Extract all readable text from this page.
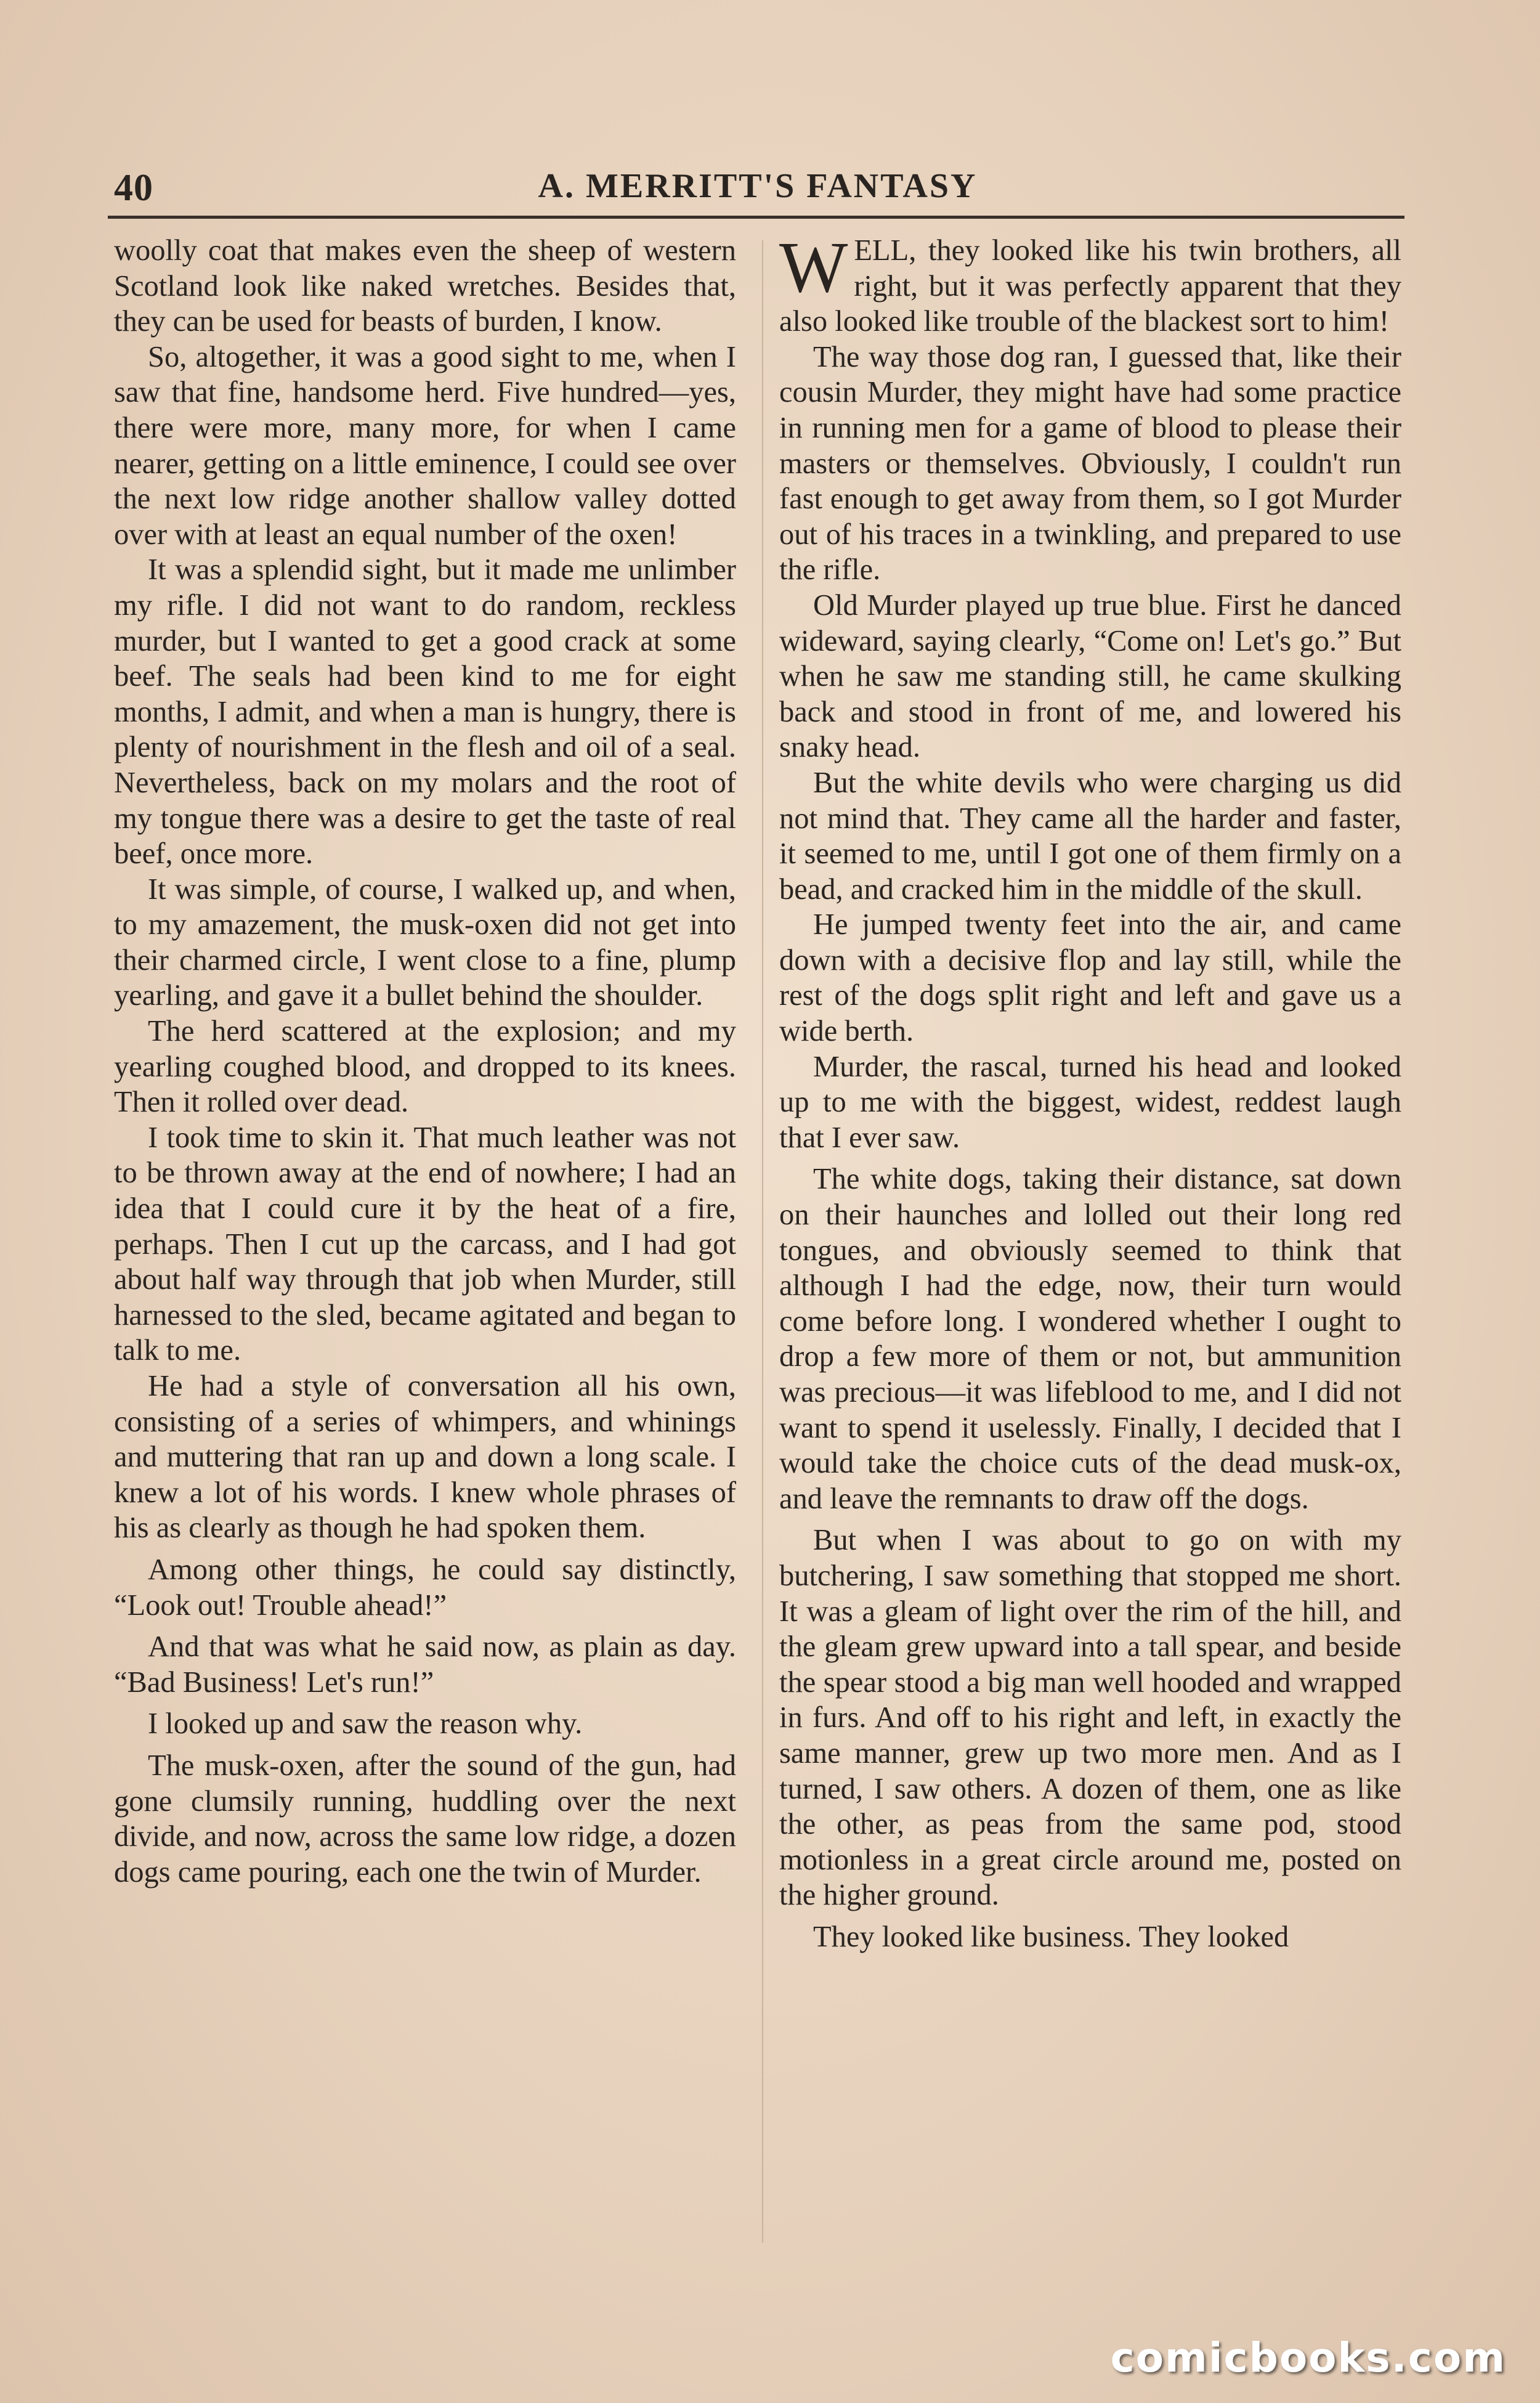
40	A. MERRITT'S FANTASY

woolly coat that makes even the sheep of western Scotland look like naked wretches. Besides that, they can be used for beasts of burden, I know.

So, altogether, it was a good sight to me, when I saw that fine, handsome herd. Five hundred—yes, there were more, many more, for when I came nearer, getting on a little eminence, I could see over the next low ridge another shallow valley dotted over with at least an equal number of the oxen!

It was a splendid sight, but it made me unlimber my rifle. I did not want to do random, reckless murder, but I wanted to get a good crack at some beef. The seals had been kind to me for eight months, I admit, and when a man is hungry, there is plenty of nourishment in the flesh and oil of a seal. Nevertheless, back on my molars and the root of my tongue there was a desire to get the taste of real beef, once more.

It was simple, of course, I walked up, and when, to my amazement, the musk-oxen did not get into their charmed circle, I went close to a fine, plump yearling, and gave it a bullet behind the shoulder.

The herd scattered at the explosion; and my yearling coughed blood, and dropped to its knees. Then it rolled over dead.

I took time to skin it. That much leather was not to be thrown away at the end of nowhere; I had an idea that I could cure it by the heat of a fire, perhaps. Then I cut up the carcass, and I had got about half way through that job when Murder, still harnessed to the sled, became agitated and began to talk to me.

He had a style of conversation all his own, consisting of a series of whimpers, and whinings and muttering that ran up and down a long scale. I knew a lot of his words. I knew whole phrases of his as clearly as though he had spoken them.

Among other things, he could say distinctly, “Look out! Trouble ahead!”

And that was what he said now, as plain as day. “Bad Business! Let's run!”

I looked up and saw the reason why.

The musk-oxen, after the sound of the gun, had gone clumsily running, huddling over the next divide, and now, across the same low ridge, a dozen dogs came pouring, each one the twin of Murder.

WELL, they looked like his twin brothers, all right, but it was perfectly apparent that they also looked like trouble of the blackest sort to him!

The way those dog ran, I guessed that, like their cousin Murder, they might have had some practice in running men for a game of blood to please their masters or themselves. Obviously, I couldn't run fast enough to get away from them, so I got Murder out of his traces in a twinkling, and prepared to use the rifle.

Old Murder played up true blue. First he danced wideward, saying clearly, “Come on! Let's go.” But when he saw me standing still, he came skulking back and stood in front of me, and lowered his snaky head.

But the white devils who were charging us did not mind that. They came all the harder and faster, it seemed to me, until I got one of them firmly on a bead, and cracked him in the middle of the skull.

He jumped twenty feet into the air, and came down with a decisive flop and lay still, while the rest of the dogs split right and left and gave us a wide berth.

Murder, the rascal, turned his head and looked up to me with the biggest, widest, reddest laugh that I ever saw.

The white dogs, taking their distance, sat down on their haunches and lolled out their long red tongues, and obviously seemed to think that although I had the edge, now, their turn would come before long. I wondered whether I ought to drop a few more of them or not, but ammunition was precious—it was lifeblood to me, and I did not want to spend it uselessly. Finally, I decided that I would take the choice cuts of the dead musk-ox, and leave the remnants to draw off the dogs.

But when I was about to go on with my butchering, I saw something that stopped me short. It was a gleam of light over the rim of the hill, and the gleam grew upward into a tall spear, and beside the spear stood a big man well hooded and wrapped in furs. And off to his right and left, in exactly the same manner, grew up two more men. And as I turned, I saw others. A dozen of them, one as like the other, as peas from the same pod, stood motionless in a great circle around me, posted on the higher ground.

They looked like business. They looked

comicbooks.com
